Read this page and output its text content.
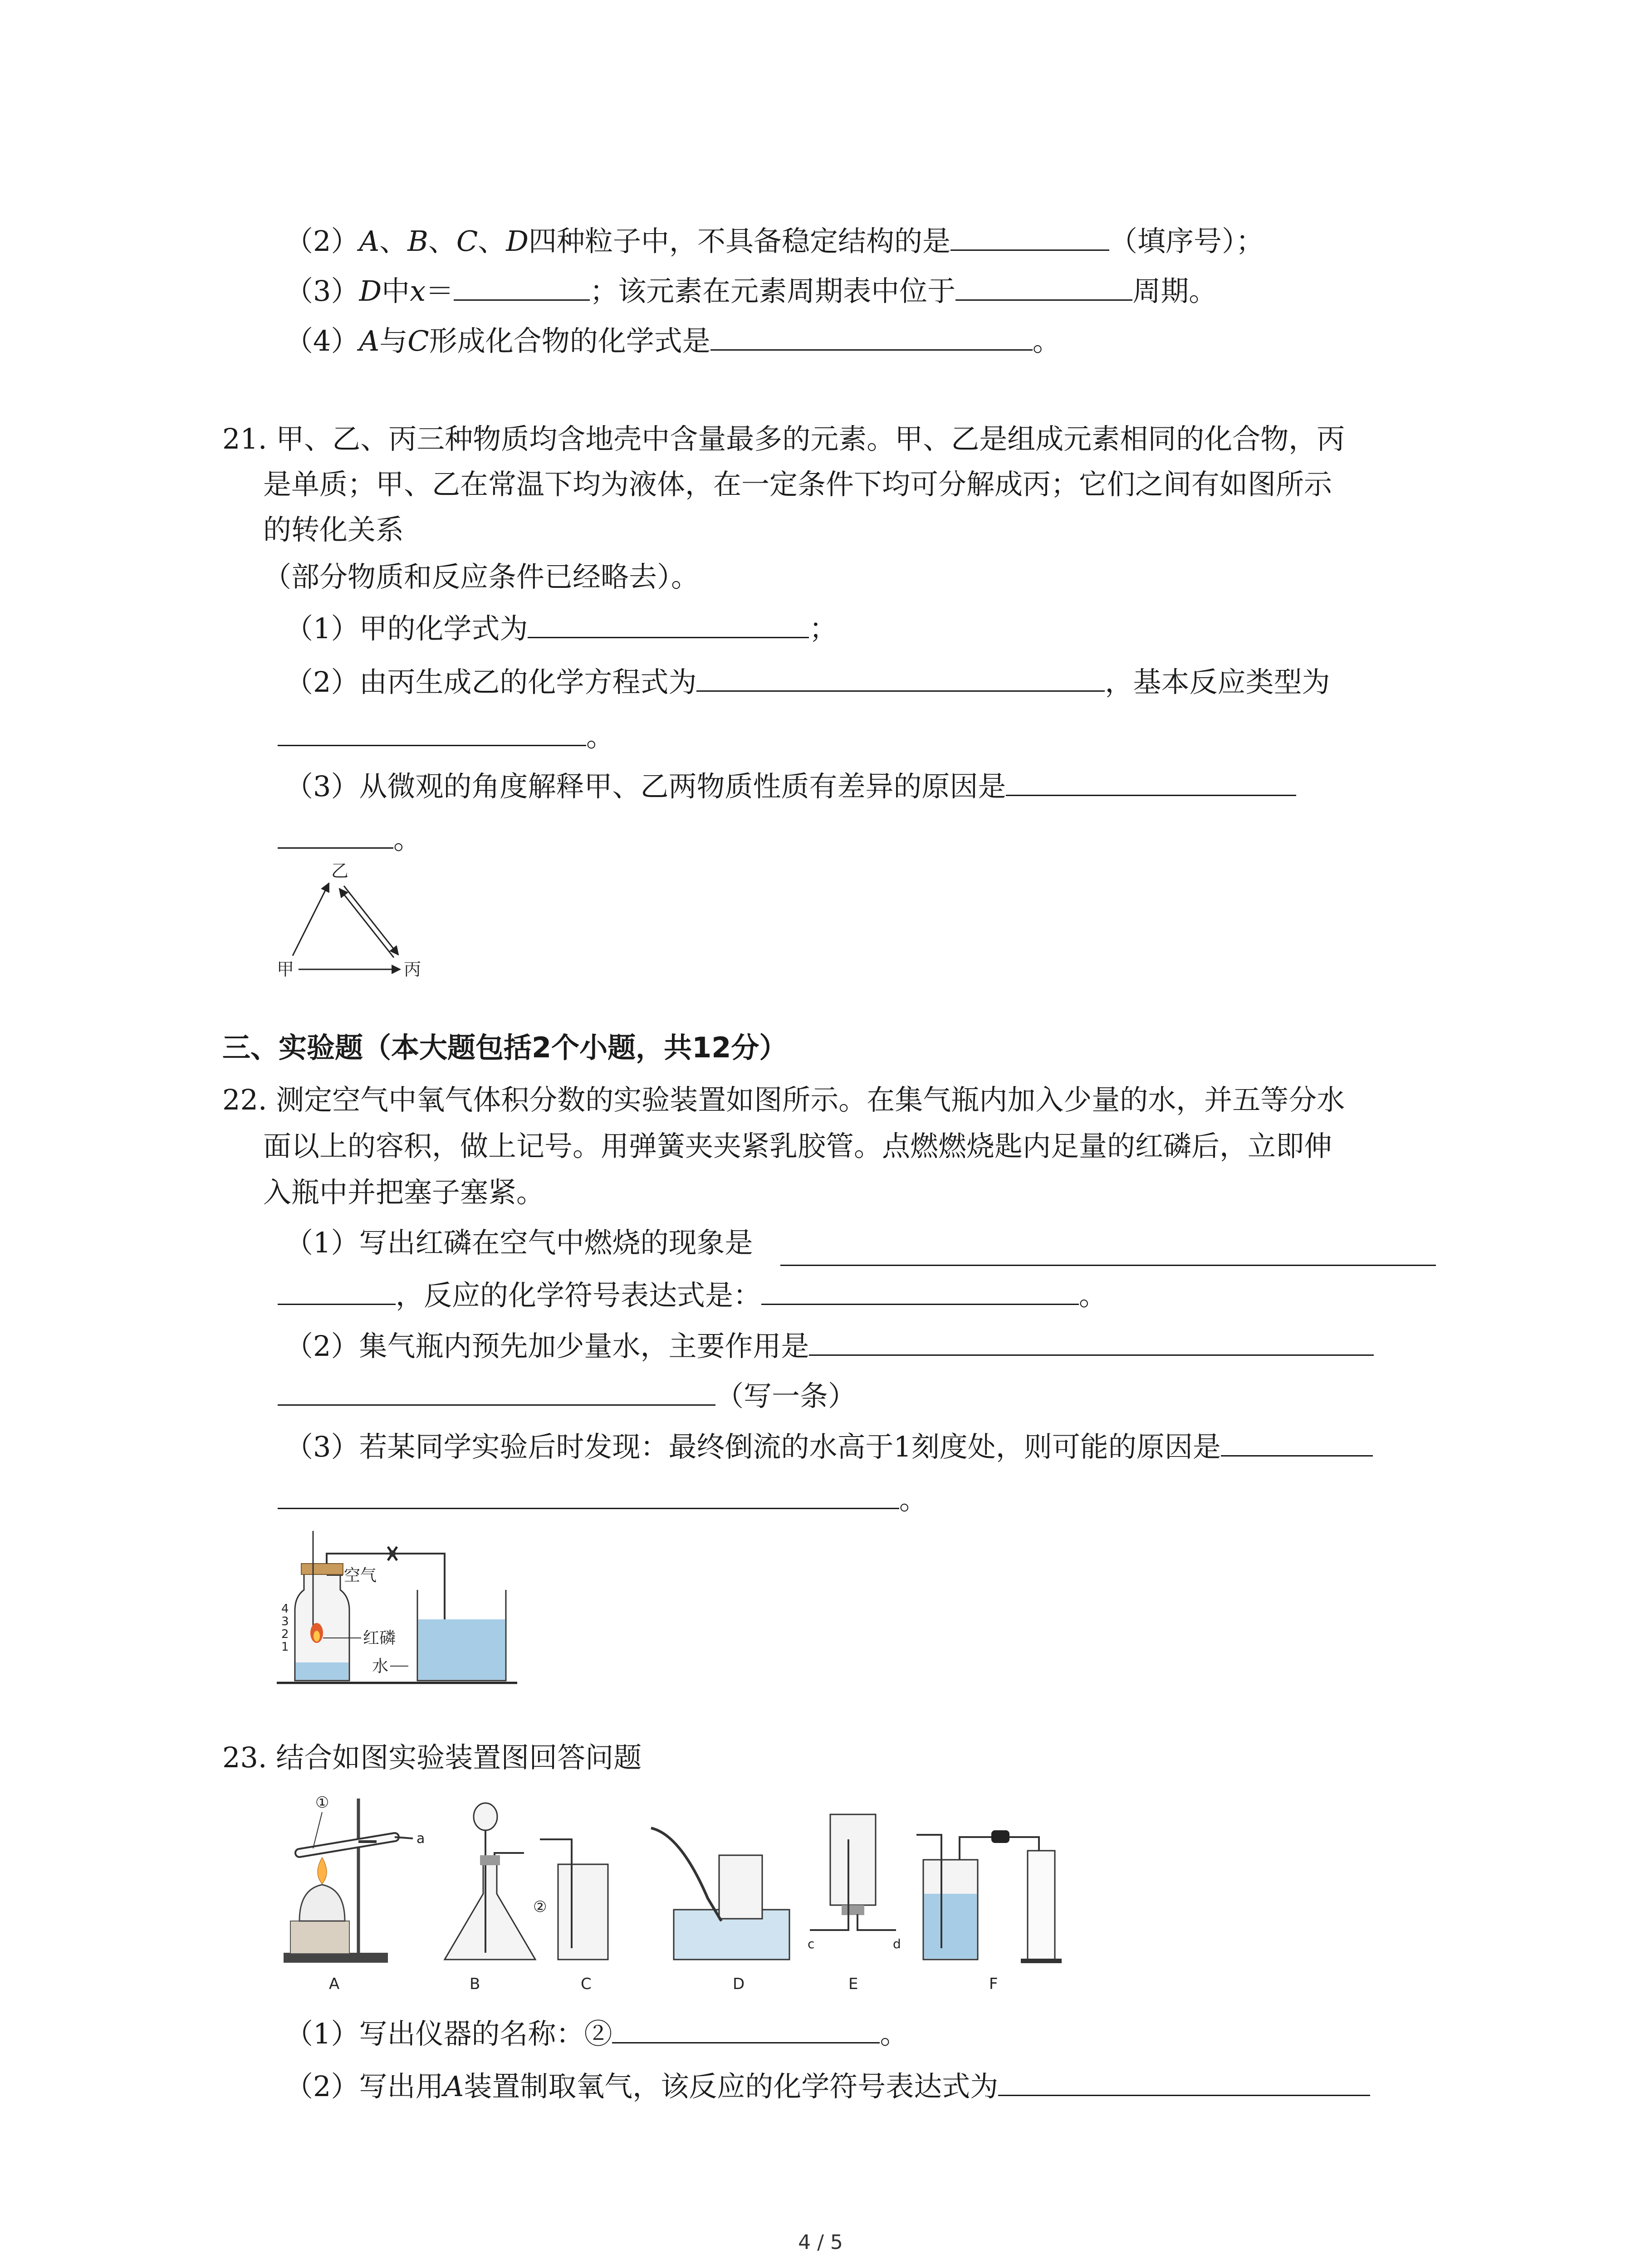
（2）A、B、C、D四种粒子中，不具备稳定结构的是	（填序号）；
（3）D中x＝	；该元素在元素周期表中位于	周期。
（4）A与C形成化合物的化学式是	。
21. 甲、乙、丙三种物质均含地壳中含量最多的元素。甲、乙是组成元素相同的化合物，丙
是单质；甲、乙在常温下均为液体，在一定条件下均可分解成丙；它们之间有如图所示
的转化关系
（部分物质和反应条件已经略去）。
（1）甲的化学式为	；
（2）由丙生成乙的化学方程式为	，基本反应类型为
。
（3）从微观的角度解释甲、乙两物质性质有差异的原因是
。
乙
甲	丙
三、实验题（本大题包括2个小题，共12分）
22. 测定空气中氧气体积分数的实验装置如图所示。在集气瓶内加入少量的水，并五等分水
面以上的容积，做上记号。用弹簧夹夹紧乳胶管。点燃燃烧匙内足量的红磷后，立即伸
入瓶中并把塞子塞紧。
（1）写出红磷在空气中燃烧的现象是
，反应的化学符号表达式是：	。
（2）集气瓶内预先加少量水，主要作用是
（写一条）
（3）若某同学实验后时发现：最终倒流的水高于1刻度处，则可能的原因是
。
4
3
2
1
空气
红磷
水
23. 结合如图实验装置图回答问题
①
a
②
c	d
A	B	C	D	E	F
（1）写出仪器的名称：②	。
（2）写出用A装置制取氧气，该反应的化学符号表达式为
4 / 5
